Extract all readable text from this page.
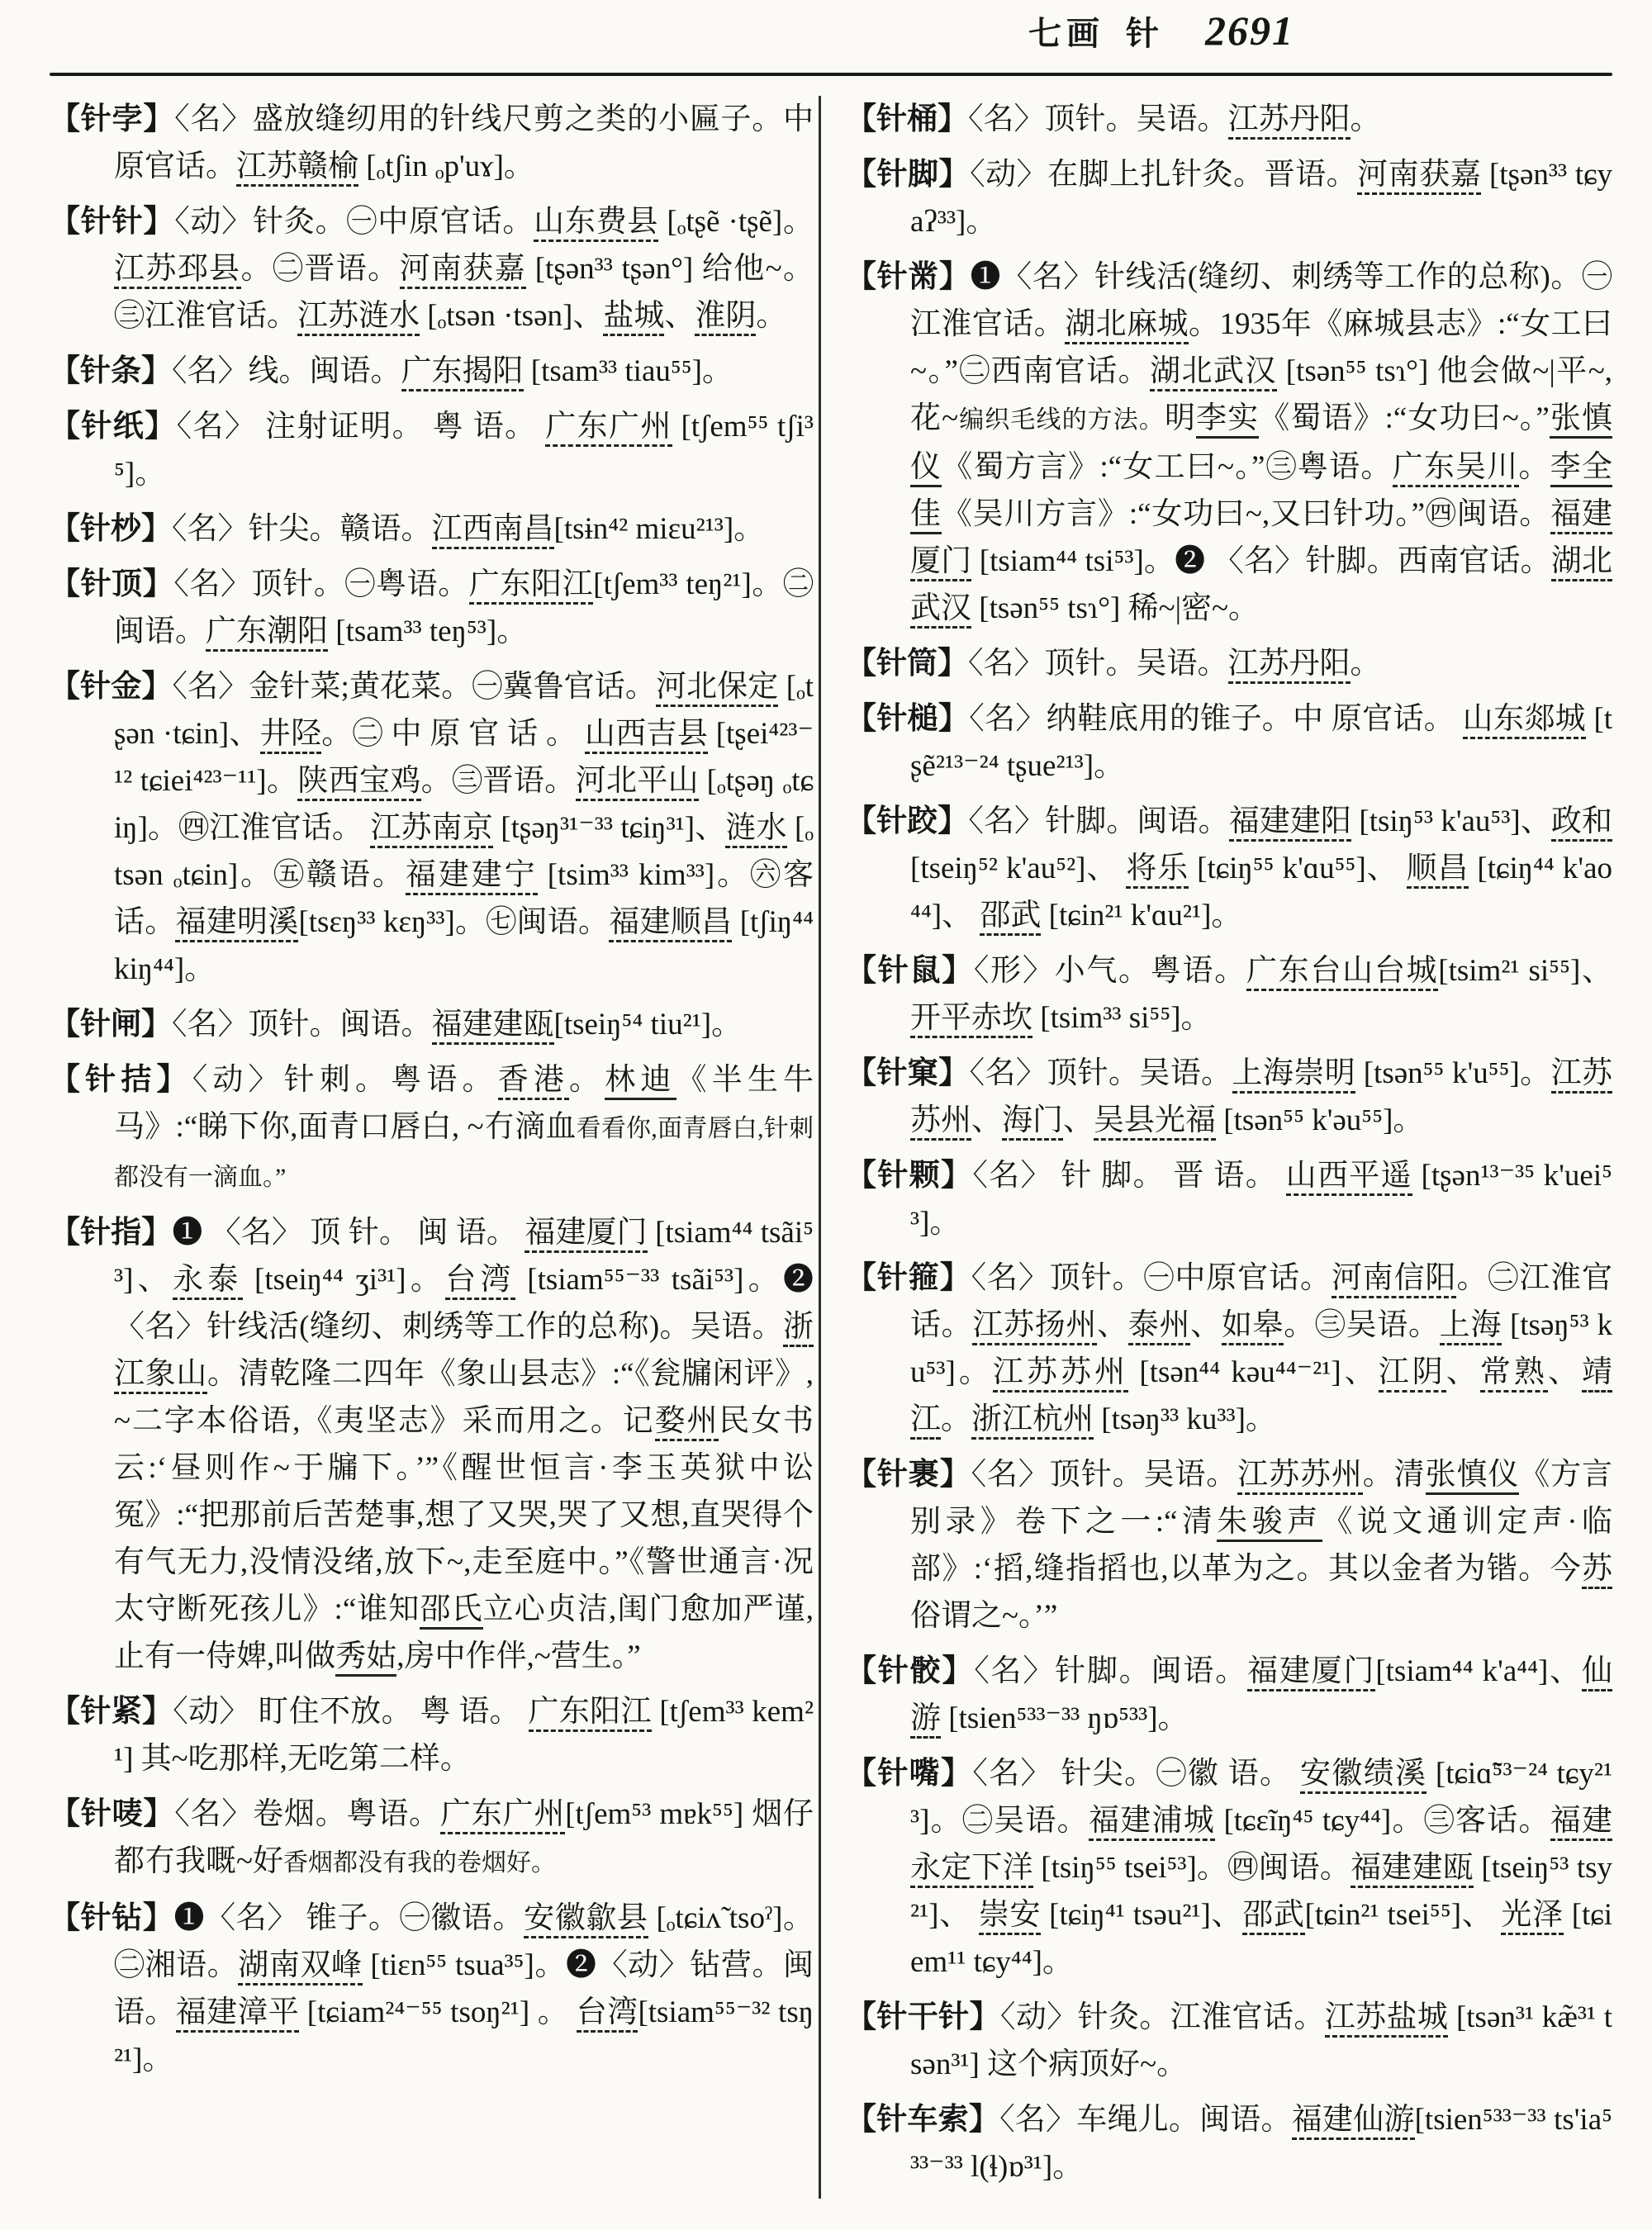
七画 针 2691
【 针孛 】 〈名〉盛放缝纫用的针线尺剪之类的小匾子。中原官话。江苏赣榆 [ₒtʃin ₒp'uɤ]。
【 针针 】 〈动〉针灸。㊀中原官话。山东费县 [ₒtʂẽ ·tʂẽ]。江苏邳县。㊁晋语。河南获嘉 [tʂən³³ tʂən°] 给他~。㊂江淮官话。江苏涟水 [ₒtsən ·tsən]、盐城、淮阴。
【 针条 】 〈名〉线。闽语。广东揭阳 [tsam³³ tiau⁵⁵]。
【 针纸 】 〈名〉 注射证明。 粤 语。 广东广州 [tʃem⁵⁵ tʃi³⁵]。
【 针杪 】 〈名〉针尖。赣语。江西南昌[tsɨn⁴² miɛu²¹³]。
【 针顶 】 〈名〉顶针。㊀粤语。广东阳江[tʃem³³ teŋ²¹]。㊁闽语。广东潮阳 [tsam³³ teŋ⁵³]。
【 针金 】 〈名〉金针菜;黄花菜。㊀冀鲁官话。河北保定 [ₒtʂən ·tɕin]、井陉。㊁ 中 原 官 话 。 山西吉县 [tʂei⁴²³⁻¹² tɕiei⁴²³⁻¹¹]。陕西宝鸡。㊂晋语。河北平山 [ₒtʂəŋ ₒtɕiŋ]。㊃江淮官话。 江苏南京 [tʂəŋ³¹⁻³³ tɕiŋ³¹]、涟水 [ₒtsən ₒtɕin]。㊄赣语。福建建宁 [tsim³³ kim³³]。㊅客话。福建明溪[tsɛŋ³³ kɛŋ³³]。㊆闽语。福建顺昌 [tʃiŋ⁴⁴ kiŋ⁴⁴]。
【 针闸 】 〈名〉顶针。闽语。福建建瓯[tseiŋ⁵⁴ tiu²¹]。
【 针拮 】 〈动〉针刺。粤语。香港。林迪《半生牛马》:“睇下你,面青口唇白, ~冇滴血看看你,面青唇白,针刺都没有一滴血。”
【 针指 】 ❶ 〈名〉 顶 针。 闽 语。 福建厦门 [tsiam⁴⁴ tsãi⁵³]、永泰 [tseiŋ⁴⁴ ʒi³¹]。台湾 [tsiam⁵⁵⁻³³ tsãi⁵³]。❷〈名〉针线活(缝纫、刺绣等工作的总称)。吴语。浙江象山。清乾隆二四年《象山县志》:“《瓮牖闲评》,~二字本俗语,《夷坚志》采而用之。记婺州民女书云:‘昼则作~于牖下。’”《醒世恒言·李玉英狱中讼冤》:“把那前后苦楚事,想了又哭,哭了又想,直哭得个有气无力,没情没绪,放下~,走至庭中。”《警世通言·况太守断死孩儿》:“谁知邵氏立心贞洁,闺门愈加严谨,止有一侍婢,叫做秀姑,房中作伴,~营生。”
【 针紧 】 〈动〉 盯住不放。 粤 语。 广东阳江 [tʃem³³ kem²¹] 其~吃那样,无吃第二样。
【 针唛 】 〈名〉卷烟。粤语。广东广州[tʃem⁵³ mɐk⁵⁵] 烟仔都冇我嘅~好香烟都没有我的卷烟好。
【 针钻 】 ❶〈名〉 锥子。㊀徽语。安徽歙县 [ₒtɕiʌ̃ tsoˀ]。㊁湘语。湖南双峰 [tiɛn⁵⁵ tsua³⁵]。❷〈动〉钻营。闽语。福建漳平 [tɕiam²⁴⁻⁵⁵ tsoŋ²¹] 。 台湾[tsiam⁵⁵⁻³² tsŋ²¹]。
【 针桶 】 〈名〉顶针。吴语。江苏丹阳。
【 针脚 】 〈动〉在脚上扎针灸。晋语。河南获嘉 [tʂən³³ tɕyaʔ³³]。
【 针黹 】 ❶〈名〉针线活(缝纫、刺绣等工作的总称)。㊀江淮官话。湖北麻城。1935年《麻城县志》:“女工曰~。”㊁西南官话。湖北武汉 [tsən⁵⁵ tsɿ°] 他会做~|平~,花~编织毛线的方法。明李实《蜀语》:“女功曰~。”张慎仪《蜀方言》:“女工曰~。”㊂粤语。广东吴川。李全佳《吴川方言》:“女功曰~,又曰针功。”㊃闽语。福建厦门 [tsiam⁴⁴ tsi⁵³]。❷ 〈名〉针脚。西南官话。湖北武汉 [tsən⁵⁵ tsɿ°] 稀~|密~。
【 针筒 】 〈名〉顶针。吴语。江苏丹阳。
【 针槌 】 〈名〉纳鞋底用的锥子。中 原官话。 山东郯城 [tʂẽ²¹³⁻²⁴ tʂue²¹³]。
【 针跤 】 〈名〉针脚。闽语。福建建阳 [tsiŋ⁵³ k'au⁵³]、政和 [tseiŋ⁵² k'au⁵²]、 将乐 [tɕiŋ⁵⁵ k'ɑu⁵⁵]、 顺昌 [tɕiŋ⁴⁴ k'ao⁴⁴]、 邵武 [tɕin²¹ k'ɑu²¹]。
【 针鼠 】 〈形〉小气。粤语。广东台山台城[tsim²¹ si⁵⁵]、开平赤坎 [tsim³³ si⁵⁵]。
【 针窠 】 〈名〉顶针。吴语。上海崇明 [tsən⁵⁵ k'u⁵⁵]。江苏苏州、海门、吴县光福 [tsən⁵⁵ k'əu⁵⁵]。
【 针颗 】 〈名〉 针 脚。 晋 语。 山西平遥 [tʂən¹³⁻³⁵ k'uei⁵³]。
【 针箍 】 〈名〉顶针。㊀中原官话。河南信阳。㊁江淮官话。江苏扬州、泰州、如皋。㊂吴语。上海 [tsəŋ⁵³ ku⁵³]。江苏苏州 [tsən⁴⁴ kəu⁴⁴⁻²¹]、江阴、常熟、靖江。浙江杭州 [tsəŋ³³ ku³³]。
【 针裹 】 〈名〉顶针。吴语。江苏苏州。清张慎仪《方言别录》卷下之一:“清朱骏声《说文通训定声·临部》:‘搯,缝指搯也,以革为之。其以金者为锴。今苏俗谓之~。’”
【 针骹 】 〈名〉针脚。闽语。福建厦门[tsiam⁴⁴ k'a⁴⁴]、仙游 [tsien⁵³³⁻³³ ŋɒ⁵³³]。
【 针嘴 】 〈名〉 针尖。㊀徽 语。 安徽绩溪 [tɕiɑ̃⁵³⁻²⁴ tɕy²¹³]。㊁吴语。福建浦城 [tɕɛĩŋ⁴⁵ tɕy⁴⁴]。㊂客话。福建永定下洋 [tsiŋ⁵⁵ tsei⁵³]。㊃闽语。福建建瓯 [tseiŋ⁵³ tsy²¹]、 崇安 [tɕiŋ⁴¹ tsəu²¹]、邵武[tɕin²¹ tsei⁵⁵]、 光泽 [tɕiem¹¹ tɕy⁴⁴]。
【 针干针 】 〈动〉针灸。江淮官话。江苏盐城 [tsən³¹ kæ̃³¹ tsən³¹] 这个病顶好~。
【 针车索 】 〈名〉车绳儿。闽语。福建仙游[tsien⁵³³⁻³³ ts'ia⁵³³⁻³³ l(ɬ)ɒ³¹]。
